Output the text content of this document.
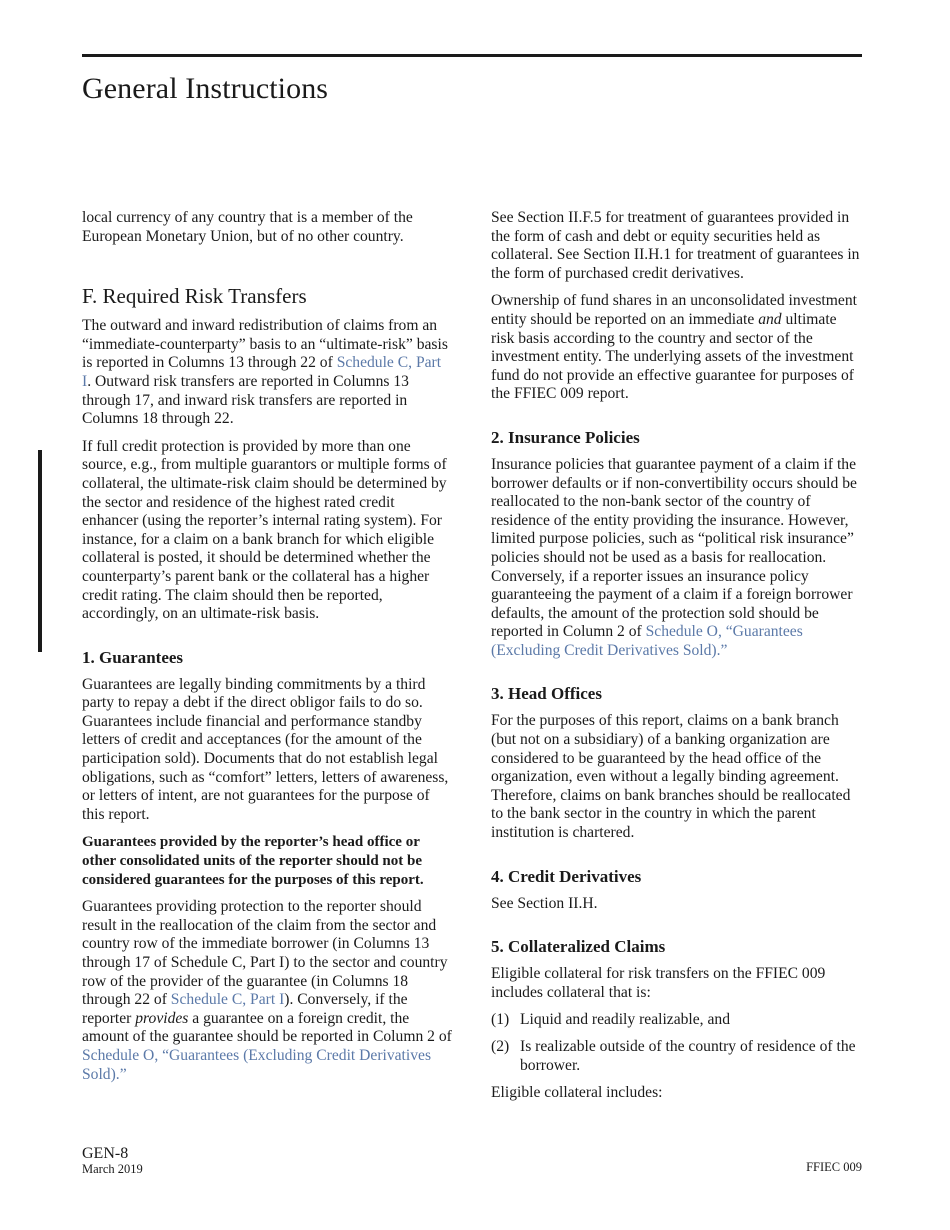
General Instructions

local currency of any country that is a member of the European Monetary Union, but of no other country.

F. Required Risk Transfers

The outward and inward redistribution of claims from an “immediate-counterparty” basis to an “ultimate-risk” basis is reported in Columns 13 through 22 of Schedule C, Part I. Outward risk transfers are reported in Columns 13 through 17, and inward risk transfers are reported in Columns 18 through 22.

If full credit protection is provided by more than one source, e.g., from multiple guarantors or multiple forms of collateral, the ultimate-risk claim should be determined by the sector and residence of the highest rated credit enhancer (using the reporter’s internal rating system). For instance, for a claim on a bank branch for which eligible collateral is posted, it should be determined whether the counterparty’s parent bank or the collateral has a higher credit rating. The claim should then be reported, accordingly, on an ultimate-risk basis.

1. Guarantees

Guarantees are legally binding commitments by a third party to repay a debt if the direct obligor fails to do so. Guarantees include financial and performance standby letters of credit and acceptances (for the amount of the participation sold). Documents that do not establish legal obligations, such as “comfort” letters, letters of awareness, or letters of intent, are not guarantees for the purpose of this report.

Guarantees provided by the reporter’s head office or other consolidated units of the reporter should not be considered guarantees for the purposes of this report.

Guarantees providing protection to the reporter should result in the reallocation of the claim from the sector and country row of the immediate borrower (in Columns 13 through 17 of Schedule C, Part I) to the sector and country row of the provider of the guarantee (in Columns 18 through 22 of Schedule C, Part I). Conversely, if the reporter provides a guarantee on a foreign credit, the amount of the guarantee should be reported in Column 2 of Schedule O, “Guarantees (Excluding Credit Derivatives Sold).”

See Section II.F.5 for treatment of guarantees provided in the form of cash and debt or equity securities held as collateral. See Section II.H.1 for treatment of guarantees in the form of purchased credit derivatives.

Ownership of fund shares in an unconsolidated investment entity should be reported on an immediate and ultimate risk basis according to the country and sector of the investment entity. The underlying assets of the investment fund do not provide an effective guarantee for purposes of the FFIEC 009 report.

2. Insurance Policies

Insurance policies that guarantee payment of a claim if the borrower defaults or if non-convertibility occurs should be reallocated to the non-bank sector of the country of residence of the entity providing the insurance. However, limited purpose policies, such as “political risk insurance” policies should not be used as a basis for reallocation. Conversely, if a reporter issues an insurance policy guaranteeing the payment of a claim if a foreign borrower defaults, the amount of the protection sold should be reported in Column 2 of Schedule O, “Guarantees (Excluding Credit Derivatives Sold).”

3. Head Offices

For the purposes of this report, claims on a bank branch (but not on a subsidiary) of a banking organization are considered to be guaranteed by the head office of the organization, even without a legally binding agreement. Therefore, claims on bank branches should be reallocated to the bank sector in the country in which the parent institution is chartered.

4. Credit Derivatives

See Section II.H.

5. Collateralized Claims

Eligible collateral for risk transfers on the FFIEC 009 includes collateral that is:

(1) Liquid and readily realizable, and
(2) Is realizable outside of the country of residence of the borrower.

Eligible collateral includes:

GEN-8
March 2019	FFIEC 009
